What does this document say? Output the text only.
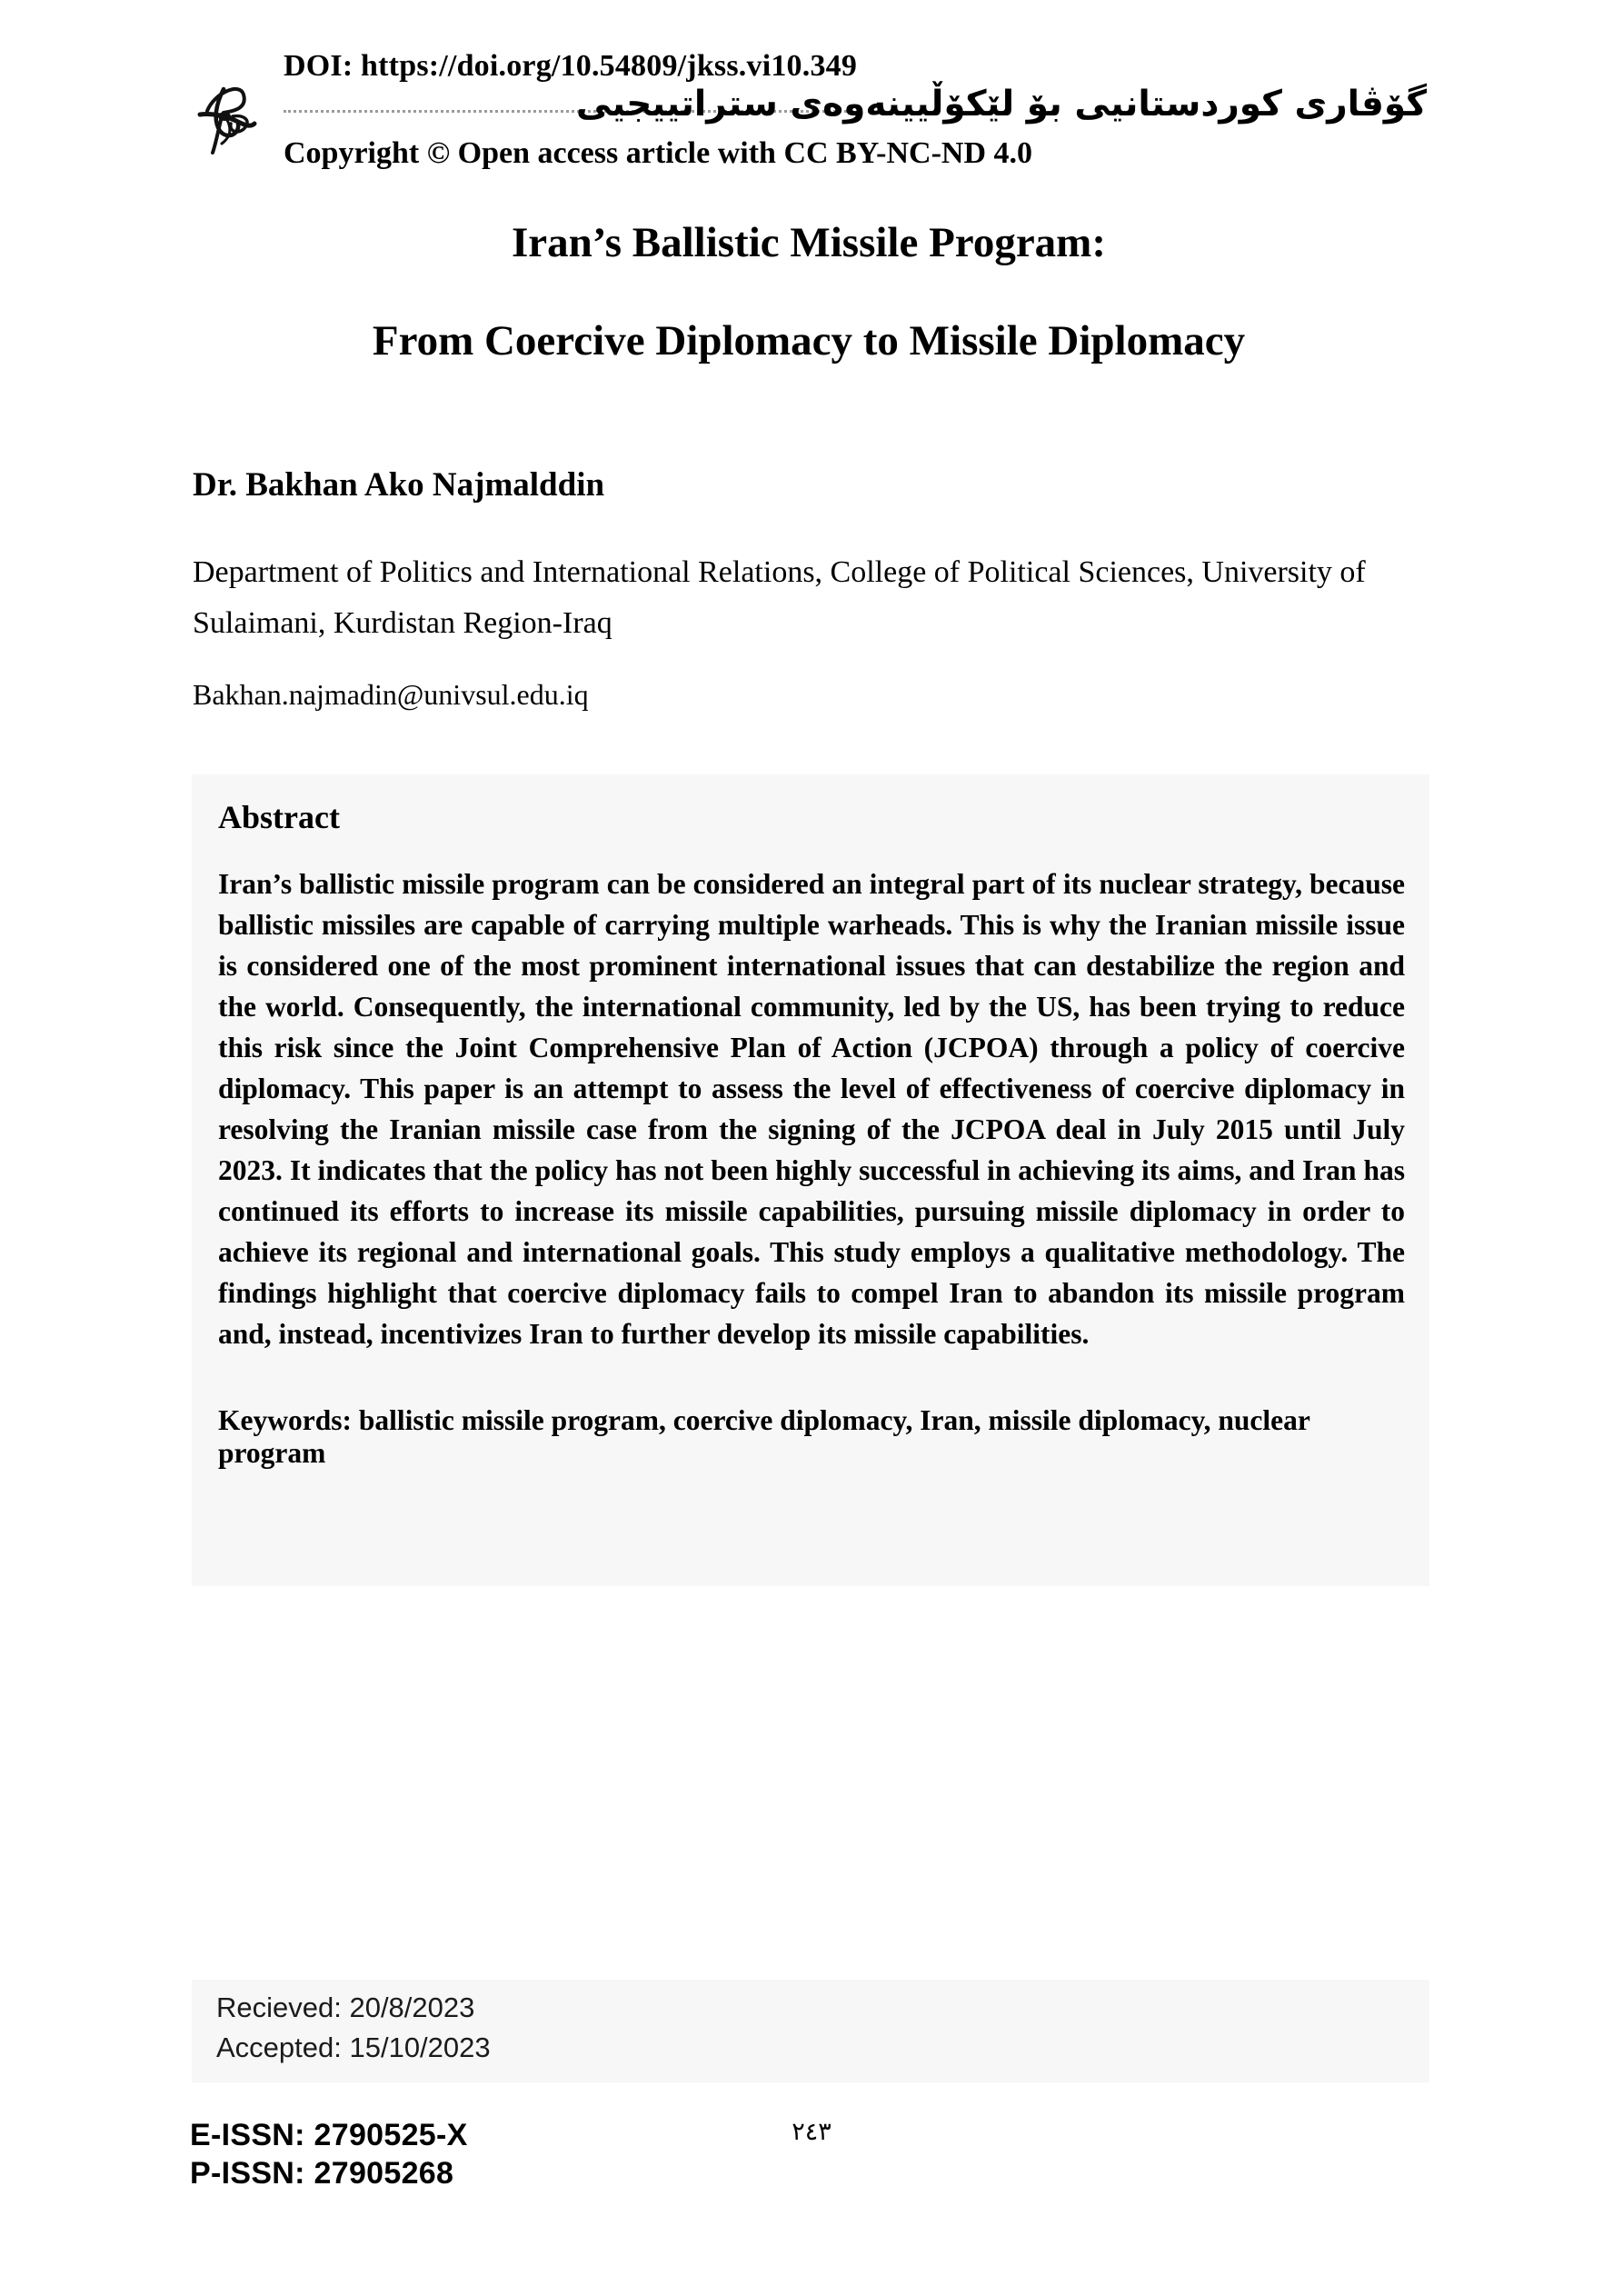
DOI: https://doi.org/10.54809/jkss.vi10.349
گۆڤاری کوردستانیی بۆ لێکۆڵیینەوەی ستراتییجیی
Copyright © Open access article with CC BY-NC-ND 4.0
Iran’s Ballistic Missile Program:
From Coercive Diplomacy to Missile Diplomacy
Dr. Bakhan Ako Najmalddin
Department of Politics and International Relations, College of Political Sciences, University of Sulaimani, Kurdistan Region-Iraq
Bakhan.najmadin@univsul.edu.iq
Abstract
Iran’s ballistic missile program can be considered an integral part of its nuclear strategy, because ballistic missiles are capable of carrying multiple warheads. This is why the Iranian missile issue is considered one of the most prominent international issues that can destabilize the region and the world. Consequently, the international community, led by the US, has been trying to reduce this risk since the Joint Comprehensive Plan of Action (JCPOA) through a policy of coercive diplomacy. This paper is an attempt to assess the level of effectiveness of coercive diplomacy in resolving the Iranian missile case from the signing of the JCPOA deal in July 2015 until July 2023. It indicates that the policy has not been highly successful in achieving its aims, and Iran has continued its efforts to increase its missile capabilities, pursuing missile diplomacy in order to achieve its regional and international goals. This study employs a qualitative methodology. The findings highlight that coercive diplomacy fails to compel Iran to abandon its missile program and, instead, incentivizes Iran to further develop its missile capabilities.
Keywords: ballistic missile program, coercive diplomacy, Iran, missile diplomacy, nuclear program
Recieved: 20/8/2023
Accepted: 15/10/2023
E-ISSN: 2790525-X
P-ISSN: 27905268
٢٤٣
